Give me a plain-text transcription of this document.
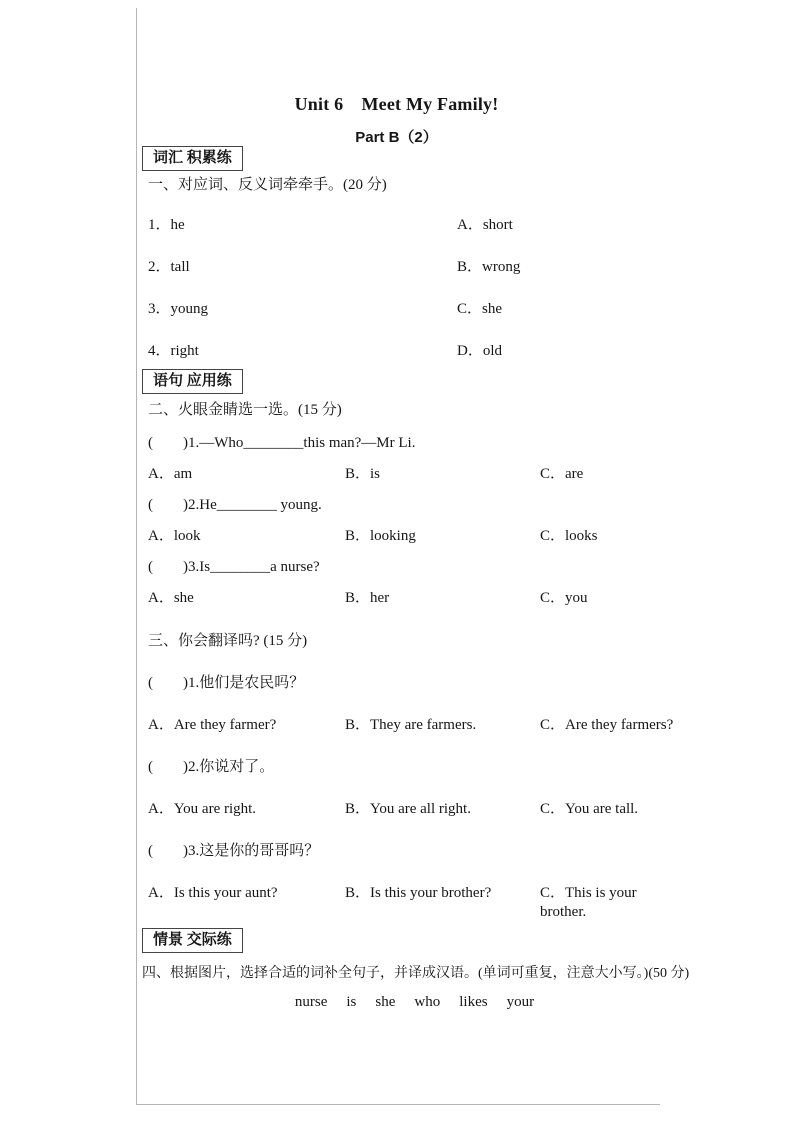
Unit 6　Meet My Family!
Part B（2）
词汇 积累练

一、对应词、反义词牵牵手。(20 分)

1．he	A．short
2．tall	B．wrong
3．young	C．she
4．right	D．old
语句 应用练

二、火眼金睛选一选。(15 分)

(　　)1.—Who________this man?—Mr Li.

A．am	B．is	C．are

(　　)2.He________ young.

A．look	B．looking	C．looks

(　　)3.Is________a nurse?

A．she	B．her	C．you

三、你会翻译吗? (15 分)

(　　)1.他们是农民吗？

A．Are they farmer?	B．They are farmers.	C．Are they farmers?

(　　)2.你说对了。

A．You are right.	B．You are all right.	C．You are tall.

(　　)3.这是你的哥哥吗？

A．Is this your aunt?	B．Is this your brother?	C．This is your brother.
情景 交际练

四、根据图片，选择合适的词补全句子，并译成汉语。(单词可重复，注意大小写。)(50 分)

nurse is she who likes your
